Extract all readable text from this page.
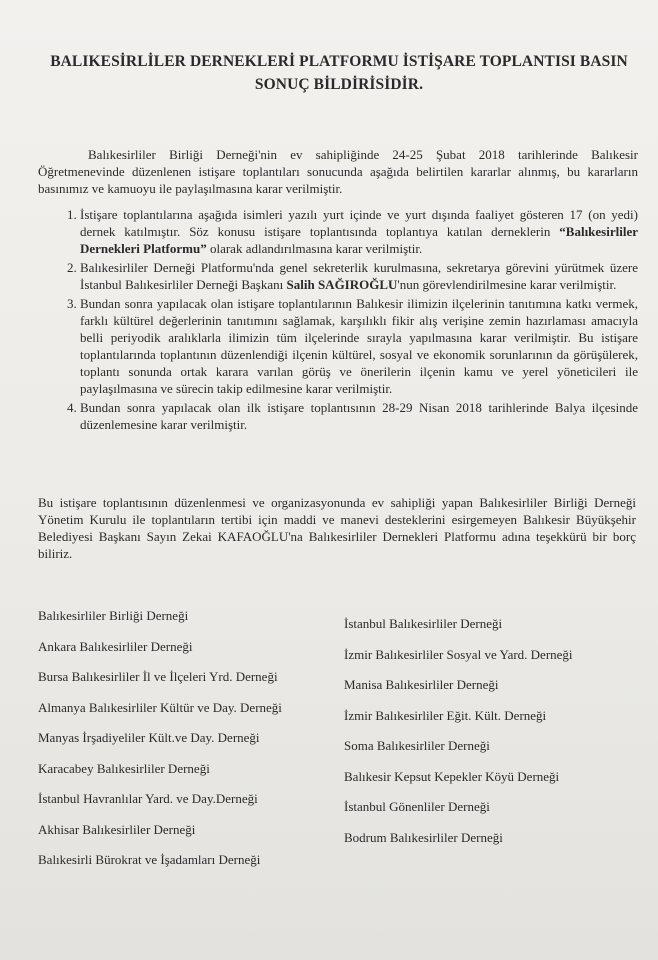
BALIKESİRLİLER DERNEKLERİ PLATFORMU İSTİŞARE TOPLANTISI BASIN
SONUÇ BİLDİRİSİDİR.
Balıkesirliler Birliği Derneği'nin ev sahipliğinde 24-25 Şubat 2018 tarihlerinde Balıkesir Öğretmenevinde düzenlenen istişare toplantıları sonucunda aşağıda belirtilen kararlar alınmış, bu kararların basınımız ve kamuoyu ile paylaşılmasına karar verilmiştir.
1. İstişare toplantılarına aşağıda isimleri yazılı yurt içinde ve yurt dışında faaliyet gösteren 17 (on yedi) dernek katılmıştır. Söz konusu istişare toplantısında toplantıya katılan derneklerin “Balıkesirliler Dernekleri Platformu” olarak adlandırılmasına karar verilmiştir.
2. Balıkesirliler Derneği Platformu'nda genel sekreterlik kurulmasına, sekretarya görevini yürütmek üzere İstanbul Balıkesirliler Derneği Başkanı Salih SAĞIROĞLU'nun görevlendirilmesine karar verilmiştir.
3. Bundan sonra yapılacak olan istişare toplantılarının Balıkesir ilimizin ilçelerinin tanıtımına katkı vermek, farklı kültürel değerlerinin tanıtımını sağlamak, karşılıklı fikir alış verişine zemin hazırlaması amacıyla belli periyodik aralıklarla ilimizin tüm ilçelerinde sırayla yapılmasına karar verilmiştir. Bu istişare toplantılarında toplantının düzenlendiği ilçenin kültürel, sosyal ve ekonomik sorunlarının da görüşülerek, toplantı sonunda ortak karara varılan görüş ve önerilerin ilçenin kamu ve yerel yöneticileri ile paylaşılmasına ve sürecin takip edilmesine karar verilmiştir.
4. Bundan sonra yapılacak olan ilk istişare toplantısının 28-29 Nisan 2018 tarihlerinde Balya ilçesinde düzenlemesine karar verilmiştir.
Bu istişare toplantısının düzenlenmesi ve organizasyonunda ev sahipliği yapan Balıkesirliler Birliği Derneği Yönetim Kurulu ile toplantıların tertibi için maddi ve manevi desteklerini esirgemeyen Balıkesir Büyükşehir Belediyesi Başkanı Sayın Zekai KAFAOĞLU'na Balıkesirliler Dernekleri Platformu adına teşekkürü bir borç biliriz.
Balıkesirliler Birliği Derneği
Ankara Balıkesirliler Derneği
Bursa Balıkesirliler İl ve İlçeleri Yrd. Derneği
Almanya Balıkesirliler Kültür ve Day. Derneği
Manyas İrşadiyeliler Kült.ve Day. Derneği
Karacabey Balıkesirliler Derneği
İstanbul Havranlılar Yard. ve Day.Derneği
Akhisar Balıkesirliler Derneği
Balıkesirli Bürokrat ve İşadamları Derneği
İstanbul Balıkesirliler Derneği
İzmir Balıkesirliler Sosyal ve Yard. Derneği
Manisa Balıkesirliler Derneği
İzmir Balıkesirliler Eğit. Kült. Derneği
Soma Balıkesirliler Derneği
Balıkesir Kepsut Kepekler Köyü Derneği
İstanbul Gönenliler Derneği
Bodrum Balıkesirliler Derneği
